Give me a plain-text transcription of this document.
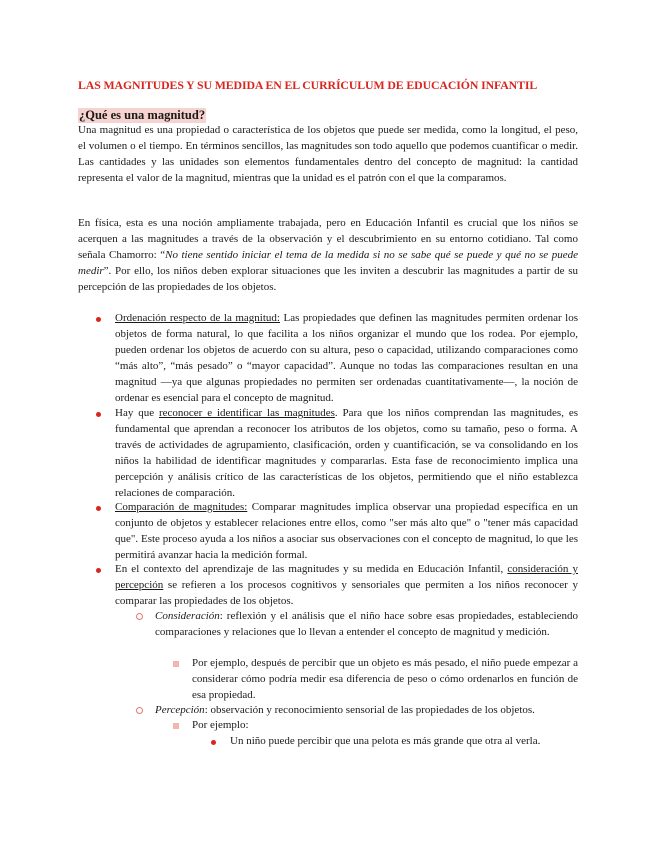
LAS MAGNITUDES Y SU MEDIDA EN EL CURRÍCULUM DE EDUCACIÓN INFANTIL
¿Qué es una magnitud?
Una magnitud es una propiedad o característica de los objetos que puede ser medida, como la longitud, el peso, el volumen o el tiempo. En términos sencillos, las magnitudes son todo aquello que podemos cuantificar o medir. Las cantidades y las unidades son elementos fundamentales dentro del concepto de magnitud: la cantidad representa el valor de la magnitud, mientras que la unidad es el patrón con el que la comparamos.
En física, esta es una noción ampliamente trabajada, pero en Educación Infantil es crucial que los niños se acerquen a las magnitudes a través de la observación y el descubrimiento en su entorno cotidiano. Tal como señala Chamorro: “No tiene sentido iniciar el tema de la medida si no se sabe qué se puede y qué no se puede medir”. Por ello, los niños deben explorar situaciones que les inviten a descubrir las magnitudes a partir de su percepción de las propiedades de los objetos.
Ordenación respecto de la magnitud: Las propiedades que definen las magnitudes permiten ordenar los objetos de forma natural, lo que facilita a los niños organizar el mundo que los rodea. Por ejemplo, pueden ordenar los objetos de acuerdo con su altura, peso o capacidad, utilizando comparaciones como “más alto”, “más pesado” o “mayor capacidad”. Aunque no todas las comparaciones resultan en una magnitud —ya que algunas propiedades no permiten ser ordenadas cuantitativamente—, la noción de ordenar es esencial para el concepto de magnitud.
Hay que reconocer e identificar las magnitudes. Para que los niños comprendan las magnitudes, es fundamental que aprendan a reconocer los atributos de los objetos, como su tamaño, peso o forma. A través de actividades de agrupamiento, clasificación, orden y cuantificación, se va consolidando en los niños la habilidad de identificar magnitudes y compararlas. Esta fase de reconocimiento implica una percepción y análisis crítico de las características de los objetos, permitiendo que el niño establezca relaciones de comparación.
Comparación de magnitudes: Comparar magnitudes implica observar una propiedad específica en un conjunto de objetos y establecer relaciones entre ellos, como "ser más alto que" o "tener más capacidad que". Este proceso ayuda a los niños a asociar sus observaciones con el concepto de magnitud, lo que les permitirá avanzar hacia la medición formal.
En el contexto del aprendizaje de las magnitudes y su medida en Educación Infantil, consideración y percepción se refieren a los procesos cognitivos y sensoriales que permiten a los niños reconocer y comparar las propiedades de los objetos.
Consideración: reflexión y el análisis que el niño hace sobre esas propiedades, estableciendo comparaciones y relaciones que lo llevan a entender el concepto de magnitud y medición.
Por ejemplo, después de percibir que un objeto es más pesado, el niño puede empezar a considerar cómo podría medir esa diferencia de peso o cómo ordenarlos en función de esa propiedad.
Percepción: observación y reconocimiento sensorial de las propiedades de los objetos.
Por ejemplo:
Un niño puede percibir que una pelota es más grande que otra al verla.
